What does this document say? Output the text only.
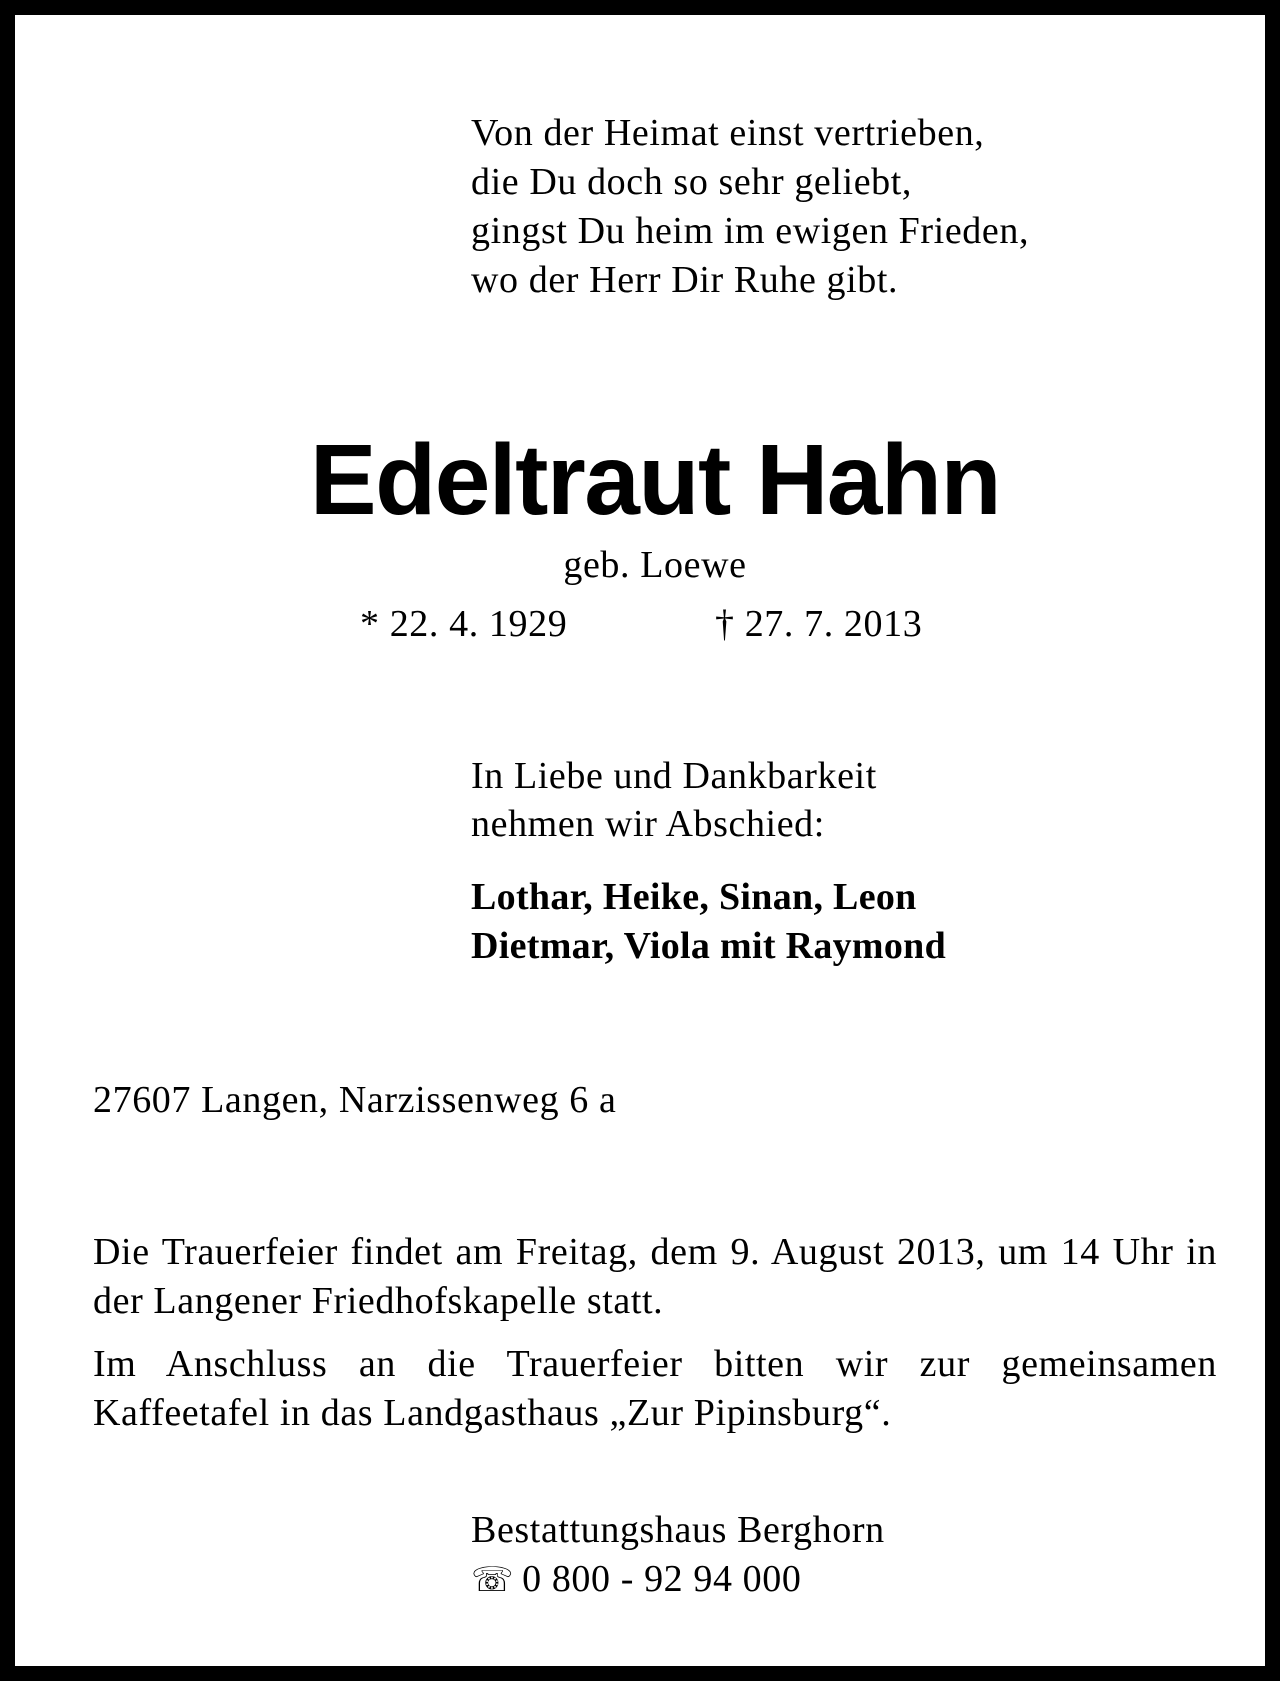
Von der Heimat einst vertrieben,
die Du doch so sehr geliebt,
gingst Du heim im ewigen Frieden,
wo der Herr Dir Ruhe gibt.
Edeltraut Hahn
geb. Loewe
* 22. 4. 1929	† 27. 7. 2013
In Liebe und Dankbarkeit
nehmen wir Abschied:
Lothar, Heike, Sinan, Leon
Dietmar, Viola mit Raymond
27607 Langen, Narzissenweg 6 a

Die Trauerfeier findet am Freitag, dem 9. August 2013, um 14 Uhr in der Langener Friedhofskapelle statt.

Im Anschluss an die Trauerfeier bitten wir zur gemeinsamen Kaffeetafel in das Landgasthaus „Zur Pipinsburg“.

Bestattungshaus Berghorn
☏ 0 800 - 92 94 000
